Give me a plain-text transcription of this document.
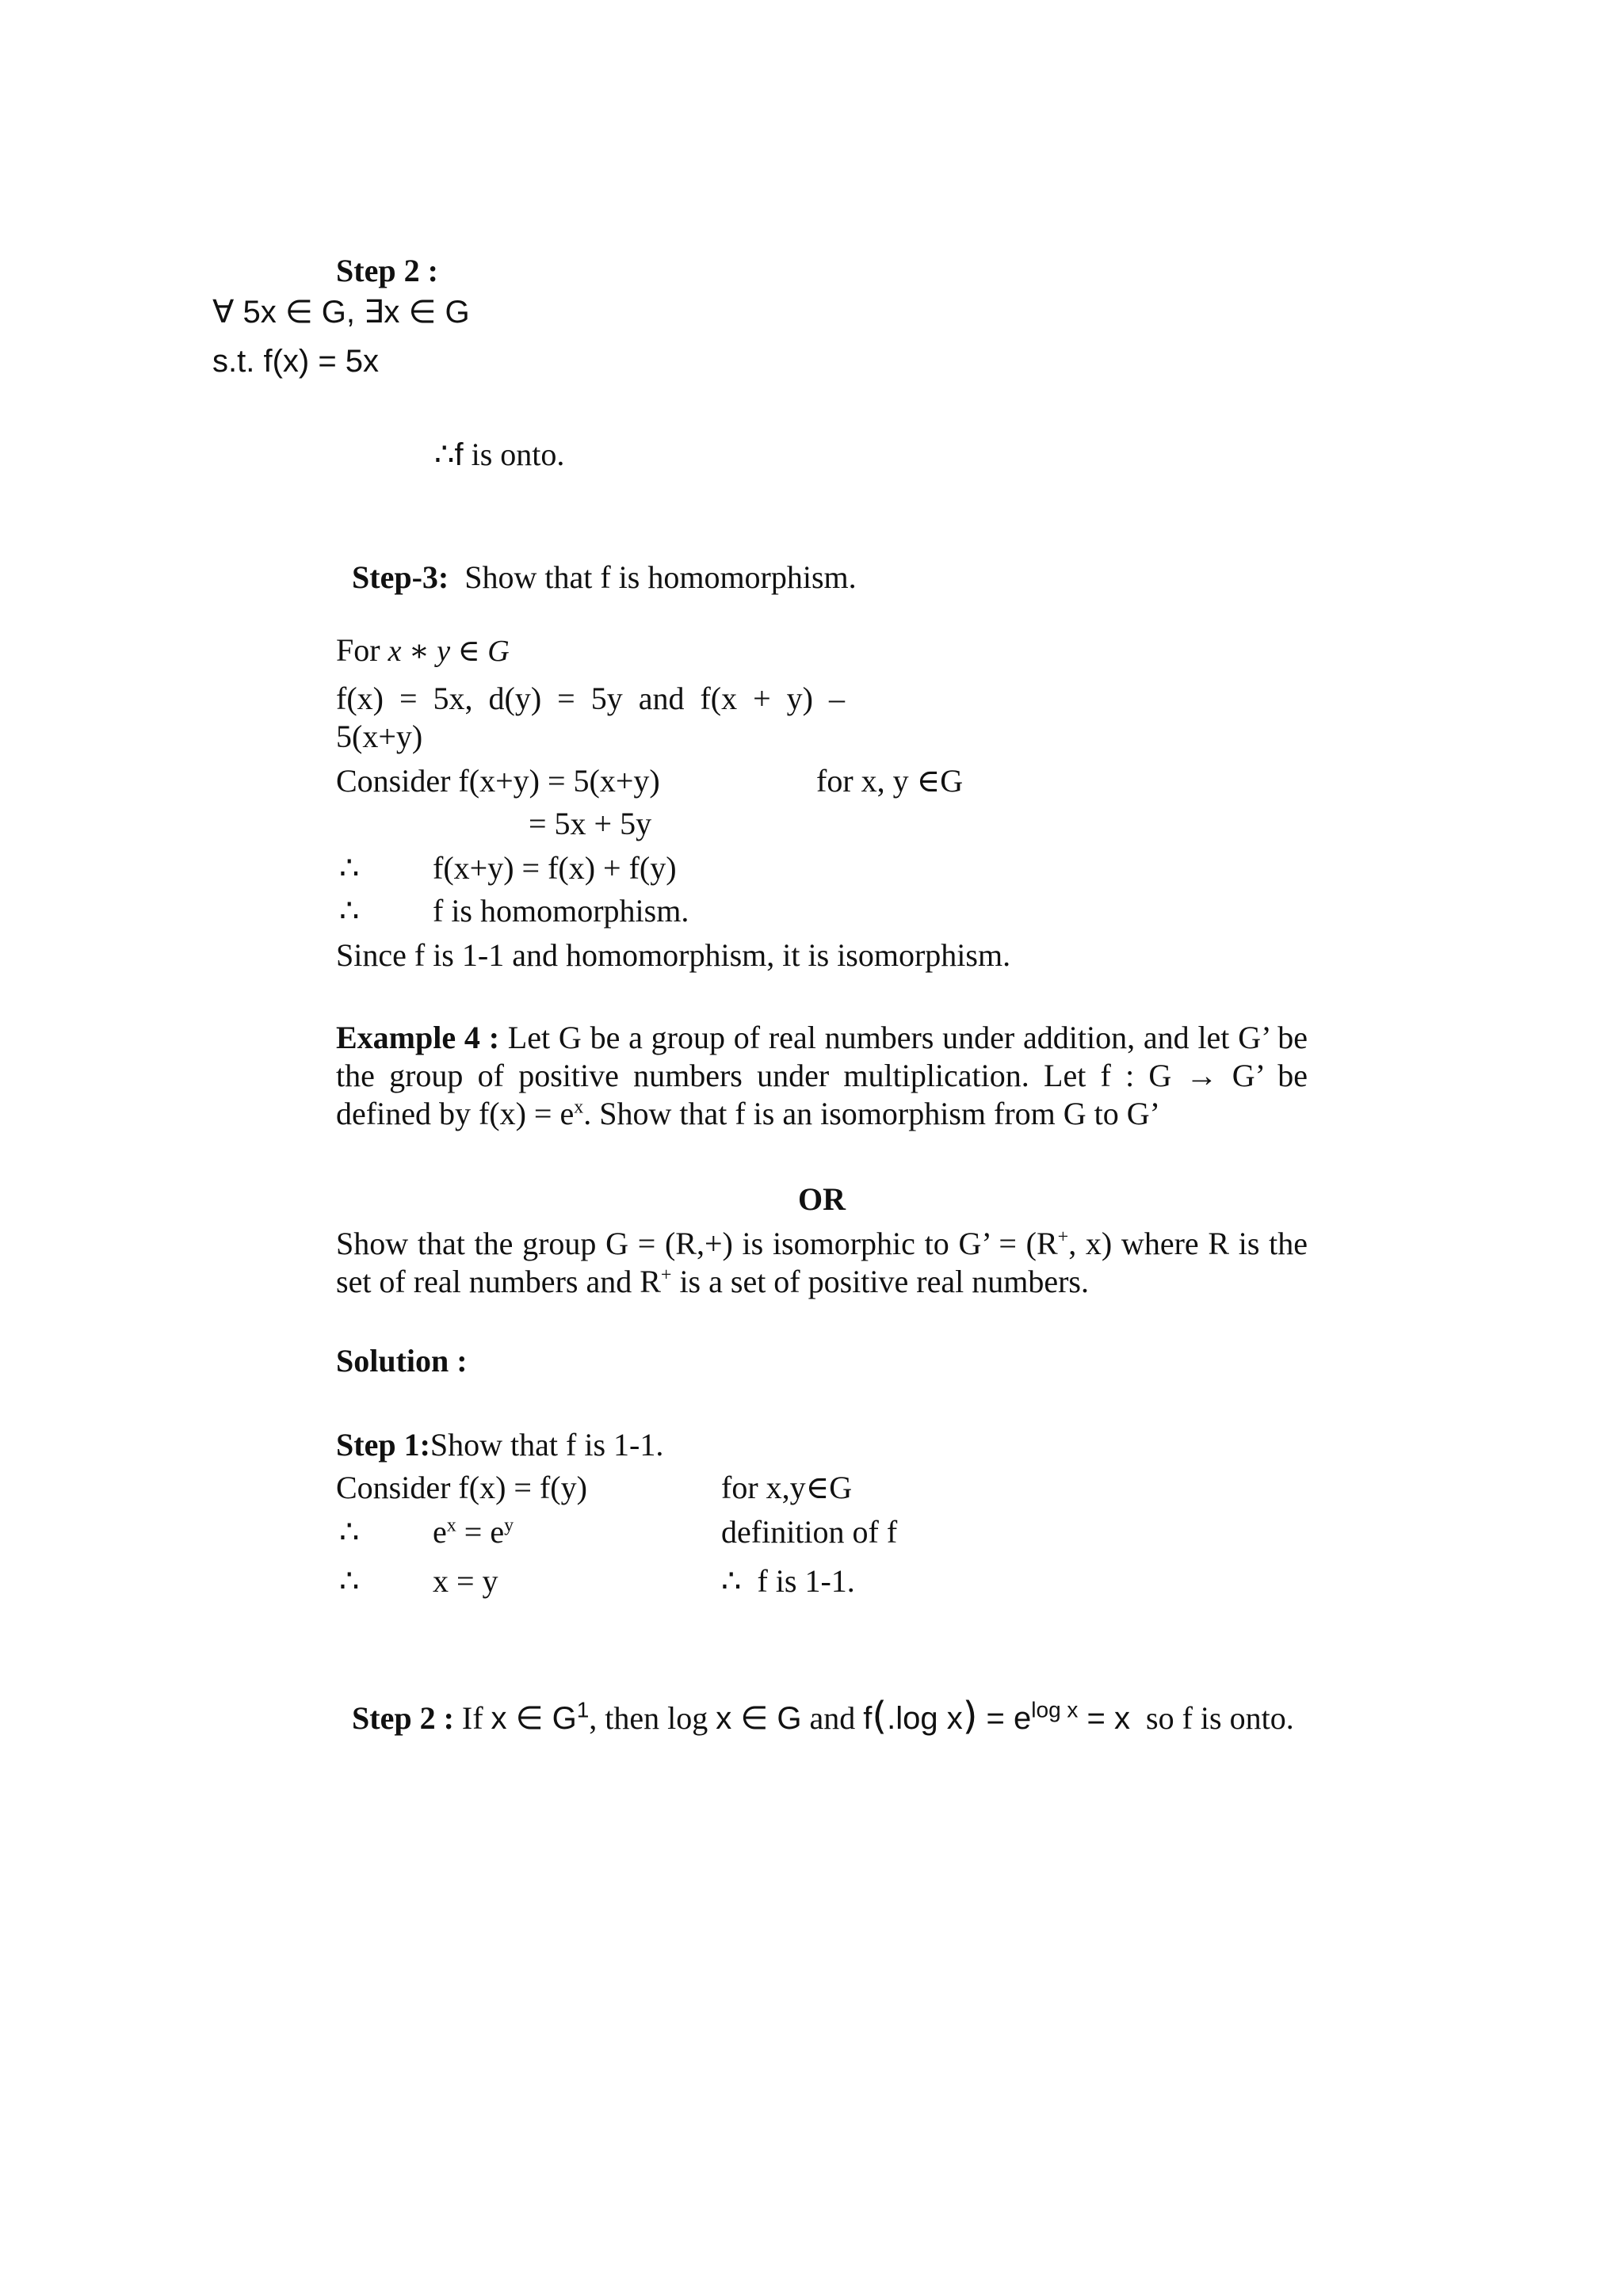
Step 2 :
∀ 5x ∈ G, ∃x ∈ G
s.t. f(x) = 5x
∴f is onto.

Step-3:  Show that f is homomorphism.

For x ∗ y ∈ G
f(x)  =  5x,  d(y)  =  5y  and  f(x  +  y)  –
5(x+y)
Consider f(x+y) = 5(x+y)	for x, y ∈G
= 5x + 5y
∴ f(x+y) = f(x) + f(y)
∴ f is homomorphism.
Since f is 1-1 and homomorphism, it is isomorphism.
Example 4 : Let G be a group of real numbers under addition, and let G’ be the group of positive numbers under multiplication. Let f : G → G’ be defined by $f(x) = e^x$. Show that f is an isomorphism from G to G’
OR
Show that the group G = (R,+) is isomorphic to G’ = (R+, x) where R is the set of real numbers and R+ is a set of positive real numbers.
Solution :
Step 1:Show that f is 1-1.
Consider f(x) = f(y)	for x,y∈G
∴ $e^x = e^y$	definition of f
∴ x = y	∴  f is 1-1.

Step 2 : If x ∈ $G^1$, then log x ∈ G and f(.log $x) = e^{log x} = x$  so f is onto.
